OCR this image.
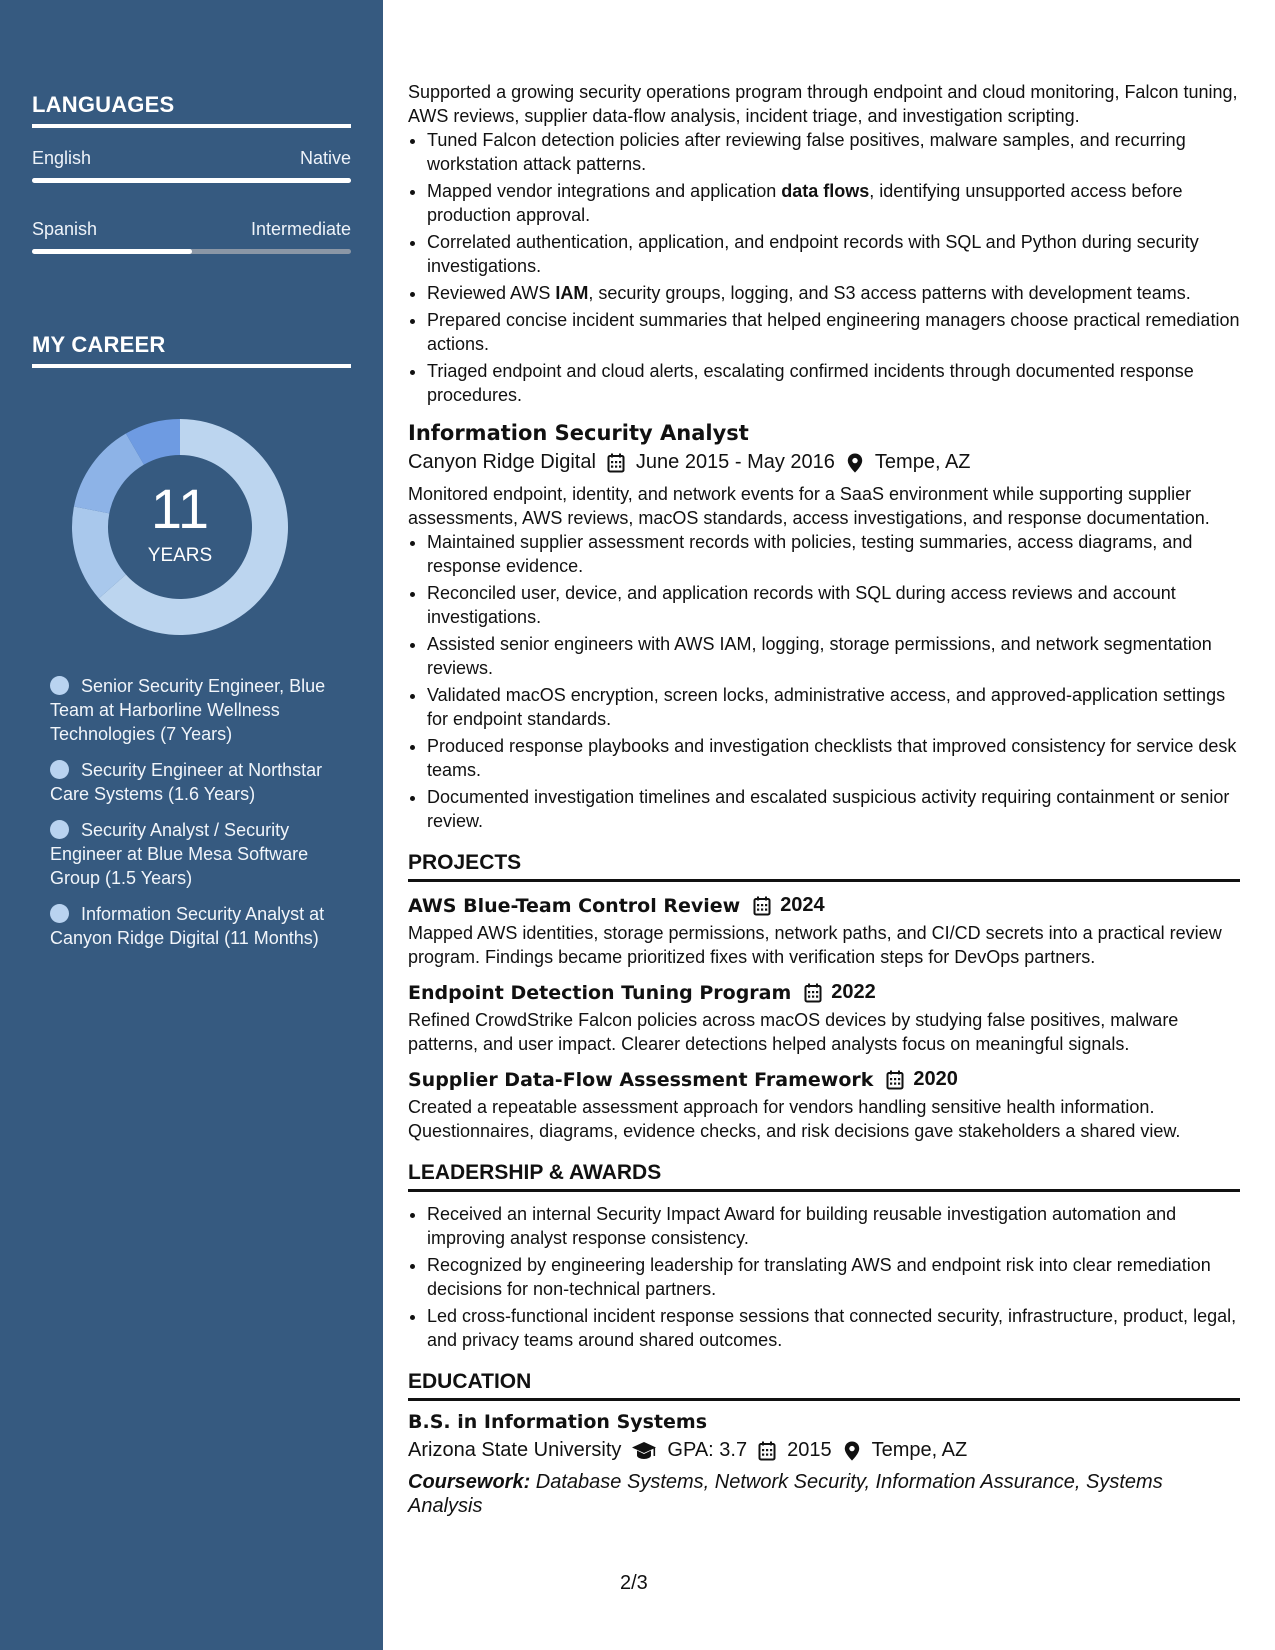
LANGUAGES
English	Native
Spanish	Intermediate
MY CAREER
11
YEARS
Senior Security Engineer, Blue Team at Harborline Wellness Technologies (7 Years)
Security Engineer at Northstar Care Systems (1.6 Years)
Security Analyst / Security Engineer at Blue Mesa Software Group (1.5 Years)
Information Security Analyst at Canyon Ridge Digital (11 Months)

Supported a growing security operations program through endpoint and cloud monitoring, Falcon tuning, AWS reviews, supplier data-flow analysis, incident triage, and investigation scripting.

• Tuned Falcon detection policies after reviewing false positives, malware samples, and recurring workstation attack patterns.
• Mapped vendor integrations and application data flows, identifying unsupported access before production approval.
• Correlated authentication, application, and endpoint records with SQL and Python during security investigations.
• Reviewed AWS IAM, security groups, logging, and S3 access patterns with development teams.
• Prepared concise incident summaries that helped engineering managers choose practical remediation actions.
• Triaged endpoint and cloud alerts, escalating confirmed incidents through documented response procedures.
Information Security Analyst
Canyon Ridge Digital June 2015 - May 2016 Tempe, AZ

Monitored endpoint, identity, and network events for a SaaS environment while supporting supplier assessments, AWS reviews, macOS standards, access investigations, and response documentation.

• Maintained supplier assessment records with policies, testing summaries, access diagrams, and response evidence.
• Reconciled user, device, and application records with SQL during access reviews and account investigations.
• Assisted senior engineers with AWS IAM, logging, storage permissions, and network segmentation reviews.
• Validated macOS encryption, screen locks, administrative access, and approved-application settings for endpoint standards.
• Produced response playbooks and investigation checklists that improved consistency for service desk teams.
• Documented investigation timelines and escalated suspicious activity requiring containment or senior review.
PROJECTS
AWS Blue-Team Control Review 2024

Mapped AWS identities, storage permissions, network paths, and CI/CD secrets into a practical review program. Findings became prioritized fixes with verification steps for DevOps partners.

Endpoint Detection Tuning Program 2022

Refined CrowdStrike Falcon policies across macOS devices by studying false positives, malware patterns, and user impact. Clearer detections helped analysts focus on meaningful signals.

Supplier Data-Flow Assessment Framework 2020

Created a repeatable assessment approach for vendors handling sensitive health information. Questionnaires, diagrams, evidence checks, and risk decisions gave stakeholders a shared view.

LEADERSHIP & AWARDS
• Received an internal Security Impact Award for building reusable investigation automation and improving analyst response consistency.
• Recognized by engineering leadership for translating AWS and endpoint risk into clear remediation decisions for non-technical partners.
• Led cross-functional incident response sessions that connected security, infrastructure, product, legal, and privacy teams around shared outcomes.
EDUCATION
B.S. in Information Systems
Arizona State University GPA: 3.7 2015 Tempe, AZ
Coursework: Database Systems, Network Security, Information Assurance, Systems Analysis
2/3
